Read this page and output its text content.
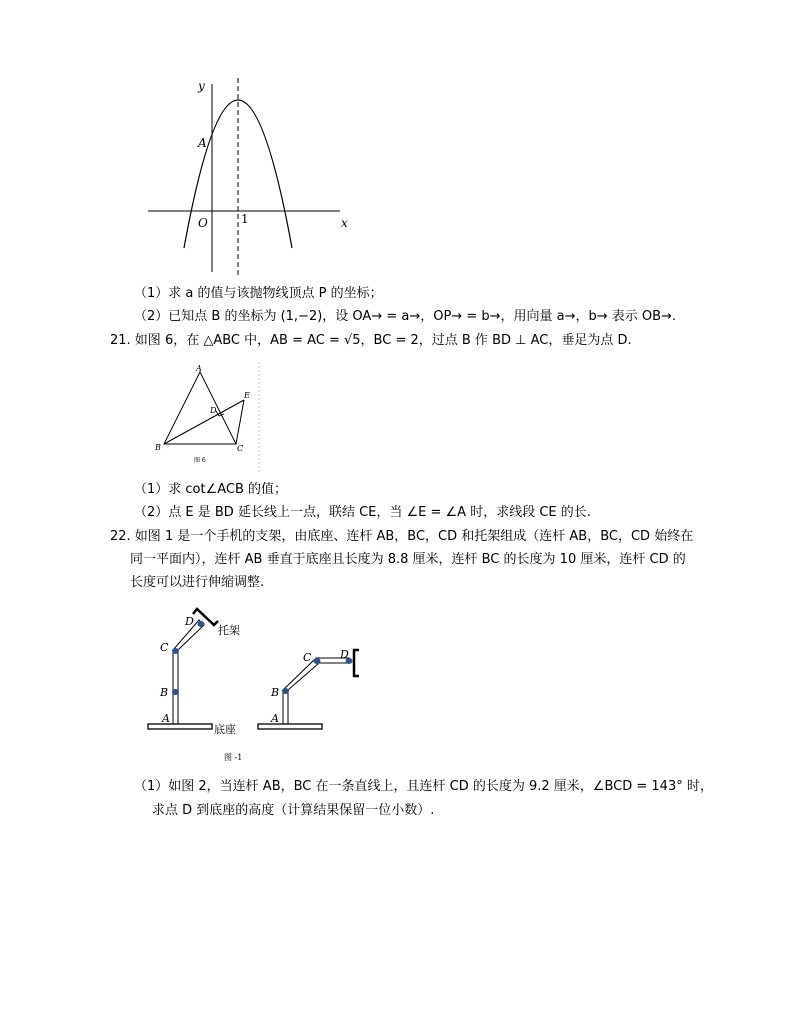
y
x
A
O	1
（1）求 a 的值与该抛物线顶点 P 的坐标；
（2）已知点 B 的坐标为 (1,−2)，设 OA→ = a→，OP→ = b→，用向量 a→，b→ 表示 OB→.
21. 如图 6，在 △ABC 中，AB = AC = √5，BC = 2，过点 B 作 BD ⊥ AC，垂足为点 D.
A
B	C
D
E
图 6
（1）求 cot∠ACB 的值；
（2）点 E 是 BD 延长线上一点，联结 CE，当 ∠E = ∠A 时，求线段 CE 的长.
22. 如图 1 是一个手机的支架，由底座、连杆 AB，BC，CD 和托架组成（连杆 AB，BC，CD 始终在
同一平面内），连杆 AB 垂直于底座且长度为 8.8 厘米，连杆 BC 的长度为 10 厘米，连杆 CD 的
长度可以进行伸缩调整.
A
B
C
D
托架
底座
A
B
C	D
图 -1
（1）如图 2，当连杆 AB，BC 在一条直线上，且连杆 CD 的长度为 9.2 厘米，∠BCD = 143° 时，
求点 D 到底座的高度（计算结果保留一位小数）.
